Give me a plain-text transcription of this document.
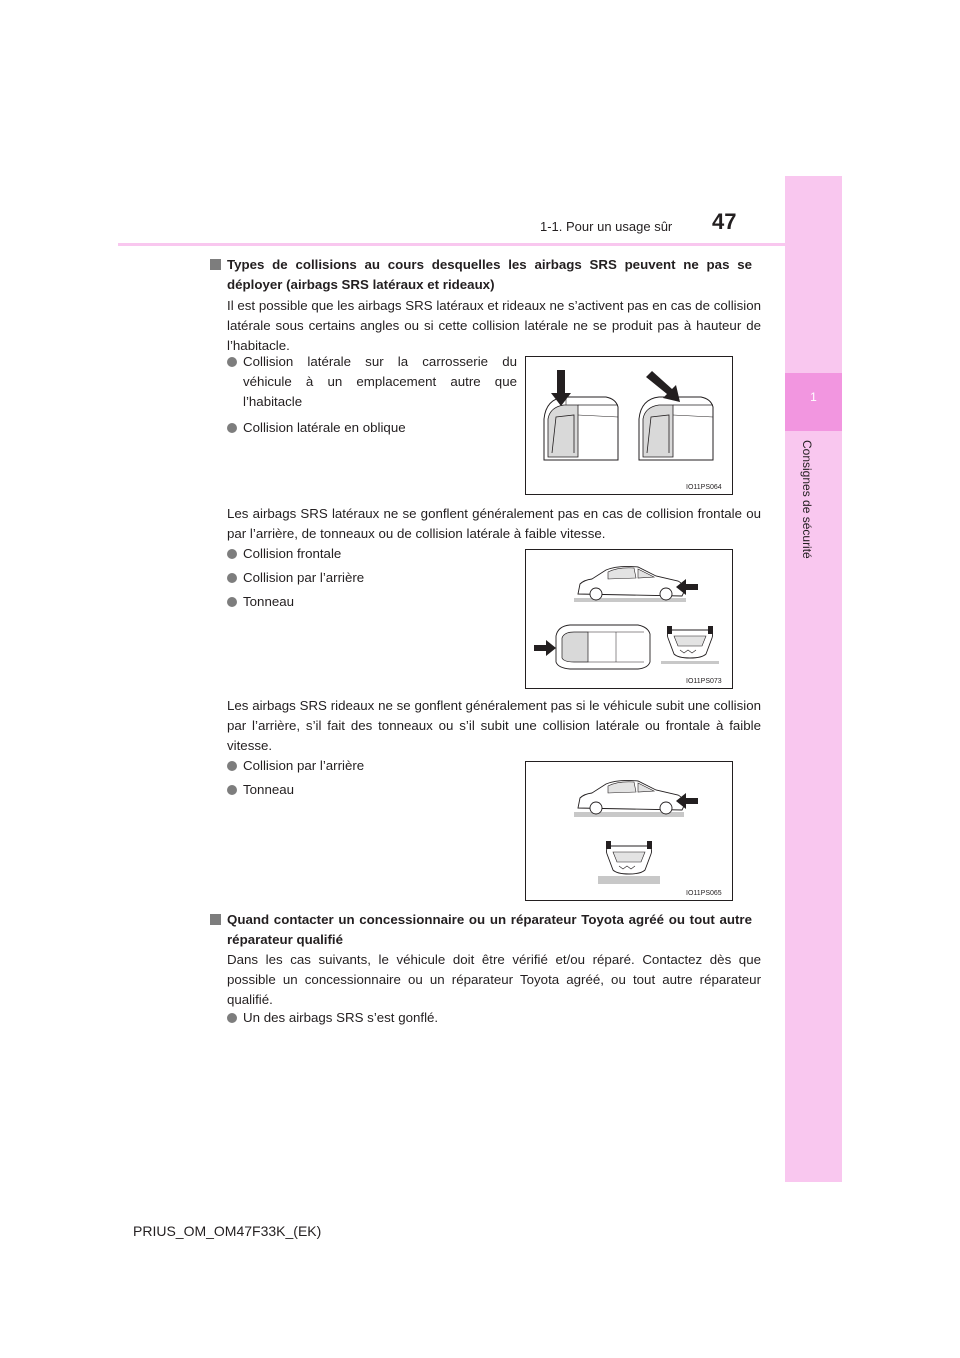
1
Consignes de sécurité
1-1. Pour un usage sûr 47
Types de collisions au cours desquelles les airbags SRS peuvent ne pas se déployer (airbags SRS latéraux et rideaux)
Il est possible que les airbags SRS latéraux et rideaux ne s’activent pas en cas de collision latérale sous certains angles ou si cette collision latérale ne se produit pas à hauteur de l’habitacle.
Collision latérale sur la carrosserie du véhicule à un emplacement autre que l’habitacle
Collision latérale en oblique
IO11PS064
Les airbags SRS latéraux ne se gonflent généralement pas en cas de collision frontale ou par l’arrière, de tonneaux ou de collision latérale à faible vitesse.
Collision frontale
Collision par l’arrière
Tonneau
IO11PS073
Les airbags SRS rideaux ne se gonflent généralement pas si le véhicule subit une collision par l’arrière, s’il fait des tonneaux ou s’il subit une collision latérale ou frontale à faible vitesse.
Collision par l’arrière
Tonneau
IO11PS065
Quand contacter un concessionnaire ou un réparateur Toyota agréé ou tout autre réparateur qualifié
Dans les cas suivants, le véhicule doit être vérifié et/ou réparé. Contactez dès que possible un concessionnaire ou un réparateur Toyota agréé, ou tout autre réparateur qualifié.
Un des airbags SRS s’est gonflé.
PRIUS_OM_OM47F33K_(EK)
